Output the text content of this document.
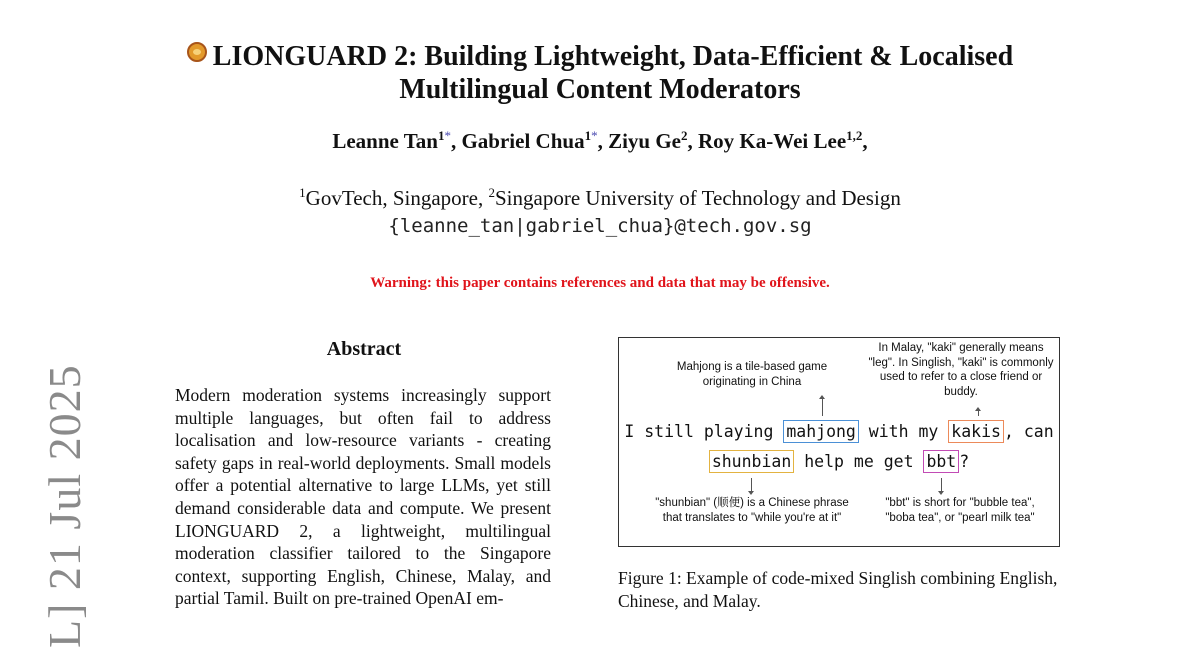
L] 21 Jul 2025
LIONGUARD 2: Building Lightweight, Data-Efficient & Localised
Multilingual Content Moderators
Leanne Tan$^{1*}$, Gabriel Chua$^{1*}$, Ziyu Ge$^2$, Roy Ka-Wei Lee$^{1,2}$,
$^1$GovTech, Singapore, $^2$Singapore University of Technology and Design
{leanne_tan|gabriel_chua}@tech.gov.sg
Warning: this paper contains references and data that may be offensive.
Abstract
Modern moderation systems increasingly support multiple languages, but often fail to address localisation and low-resource variants - creating safety gaps in real-world deployments. Small models offer a potential alternative to large LLMs, yet still demand considerable data and compute. We present LIONGUARD 2, a lightweight, multilingual moderation classifier tailored to the Singapore context, supporting English, Chinese, Malay, and partial Tamil. Built on pre-trained OpenAI em-
Mahjong is a tile-based game originating in China
In Malay, "kaki" generally means "leg". In Singlish, "kaki" is commonly used to refer to a close friend or buddy.
I still playing mahjong with my kakis , can
shunbian help me get bbt ?
"shunbian" (顺便) is a Chinese phrase that translates to "while you're at it"
"bbt" is short for "bubble tea", "boba tea", or "pearl milk tea"
Figure 1: Example of code-mixed Singlish combining English, Chinese, and Malay.
